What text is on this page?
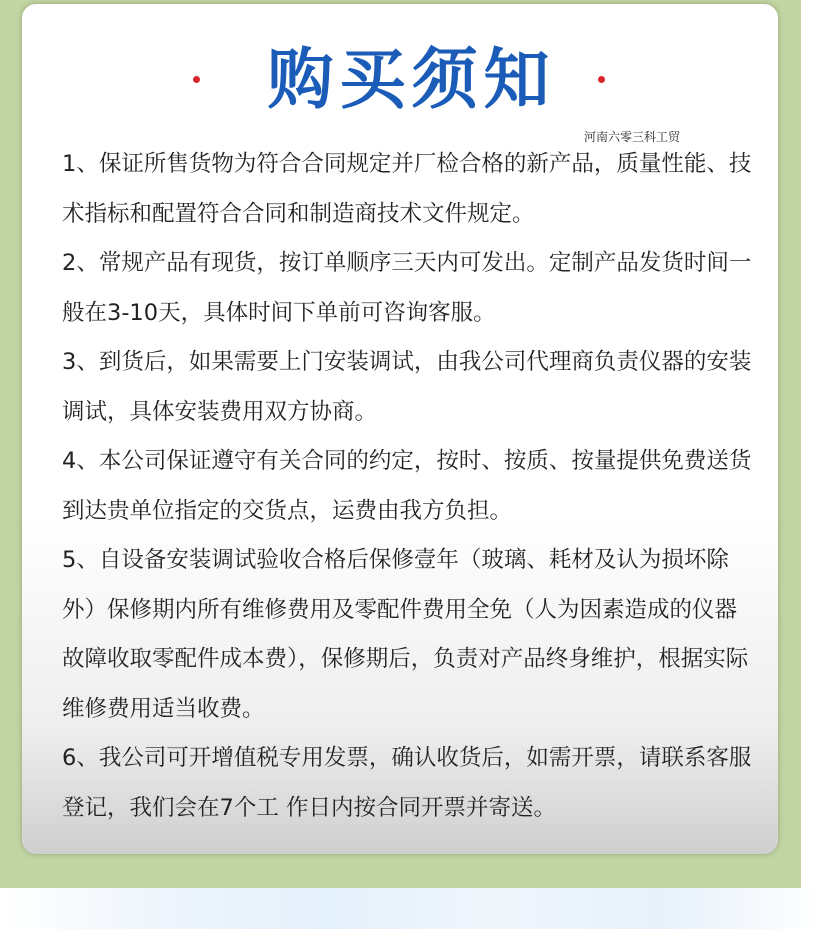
购买须知
河南六零三科工贸

1、保证所售货物为符合合同规定并厂检合格的新产品，质量性能、技术指标和配置符合合同和制造商技术文件规定。

2、常规产品有现货，按订单顺序三天内可发出。定制产品发货时间一般在3-10天，具体时间下单前可咨询客服。

3、到货后，如果需要上门安装调试，由我公司代理商负责仪器的安装调试，具体安装费用双方协商。

4、本公司保证遵守有关合同的约定，按时、按质、按量提供免费送货到达贵单位指定的交货点，运费由我方负担。

5、自设备安装调试验收合格后保修壹年（玻璃、耗材及认为损坏除外）保修期内所有维修费用及零配件费用全免（人为因素造成的仪器故障收取零配件成本费），保修期后，负责对产品终身维护，根据实际维修费用适当收费。

6、我公司可开增值税专用发票，确认收货后，如需开票，请联系客服登记，我们会在7个工 作日内按合同开票并寄送。
